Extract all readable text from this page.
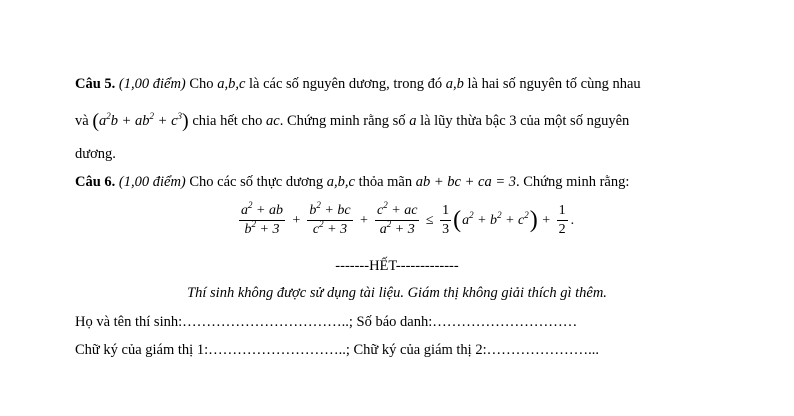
Câu 5. (1,00 điểm) Cho a,b,c là các số nguyên dương, trong đó a,b là hai số nguyên tố cùng nhau
và $(a^2b + ab^2 + c^3)$ chia hết cho ac. Chứng minh rằng số a là lũy thừa bậc 3 của một số nguyên
dương.
Câu 6. (1,00 điểm) Cho các số thực dương a,b,c thỏa mãn ab + bc + ca = 3. Chứng minh rằng:
$\frac{a^2 + ab}{b^2 + 3} + \frac{b^2 + bc}{c^2 + 3} + \frac{c^2 + ac}{a^2 + 3} \le \frac{1}{3} (a^2 + b^2 + c^2) + \frac{1}{2}$ .
-------HẾT-------------
Thí sinh không được sử dụng tài liệu. Giám thị không giải thích gì thêm.
Họ và tên thí sinh:……………………………..; Số báo danh:…………………………
Chữ ký của giám thị 1:………………………..; Chữ ký của giám thị 2:…………………...
